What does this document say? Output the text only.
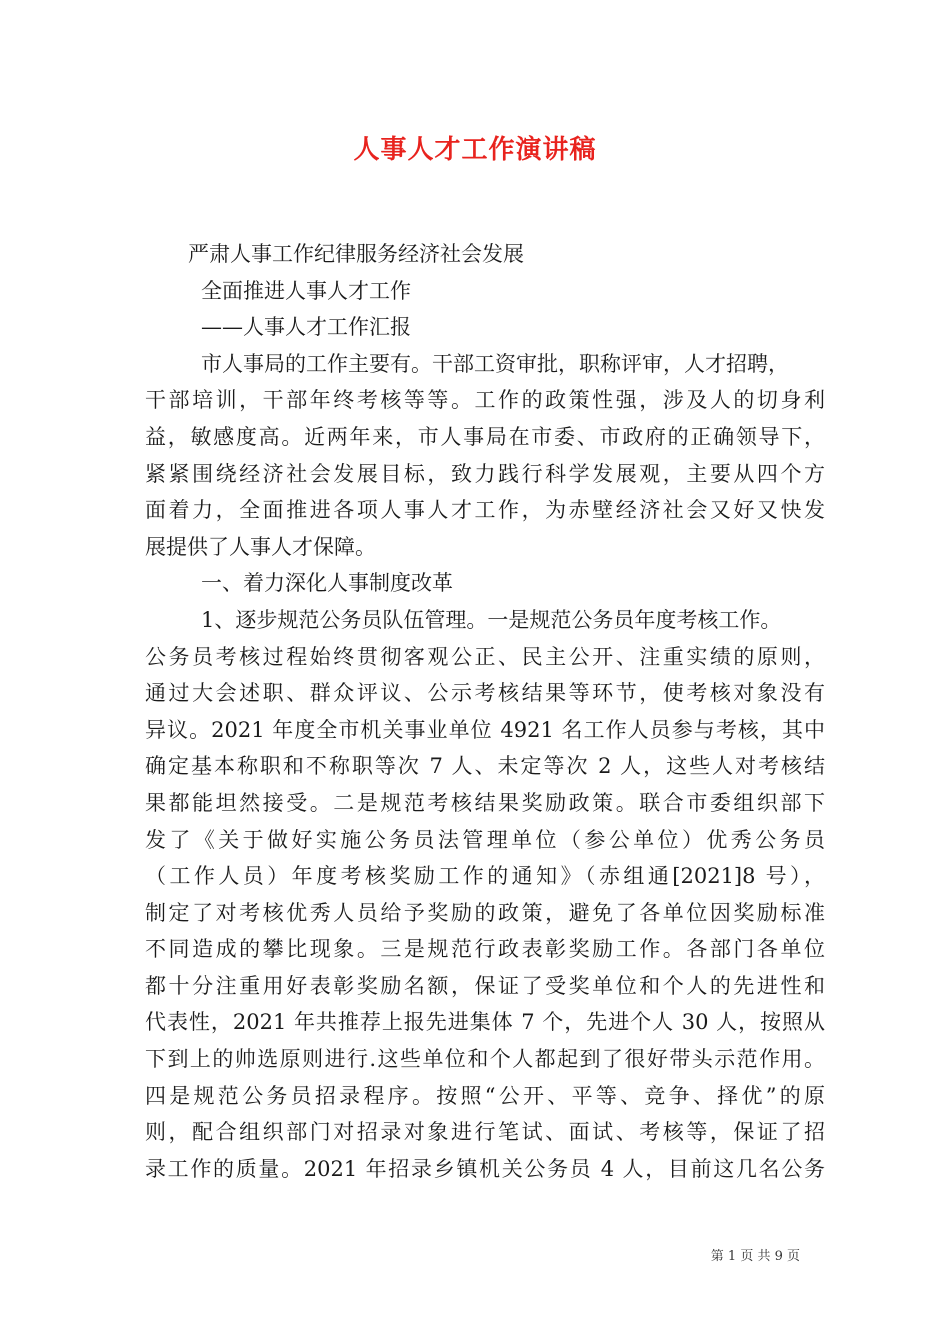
人事人才工作演讲稿

严肃人事工作纪律服务经济社会发展

全面推进人事人才工作

——人事人才工作汇报

市人事局的工作主要有。干部工资审批，职称评审，人才招聘，

干部培训，干部年终考核等等。工作的政策性强，涉及人的切身利

益，敏感度高。近两年来，市人事局在市委、市政府的正确领导下，

紧紧围绕经济社会发展目标，致力践行科学发展观，主要从四个方

面着力，全面推进各项人事人才工作，为赤壁经济社会又好又快发

展提供了人事人才保障。

一、着力深化人事制度改革

1、逐步规范公务员队伍管理。一是规范公务员年度考核工作。

公务员考核过程始终贯彻客观公正、民主公开、注重实绩的原则，

通过大会述职、群众评议、公示考核结果等环节，使考核对象没有

异议。2021 年度全市机关事业单位 4921 名工作人员参与考核，其中

确定基本称职和不称职等次 7 人、未定等次 2 人，这些人对考核结

果都能坦然接受。二是规范考核结果奖励政策。联合市委组织部下

发了《关于做好实施公务员法管理单位（参公单位）优秀公务员

（工作人员）年度考核奖励工作的通知》（赤组通[2021]8 号），

制定了对考核优秀人员给予奖励的政策，避免了各单位因奖励标准

不同造成的攀比现象。三是规范行政表彰奖励工作。各部门各单位

都十分注重用好表彰奖励名额，保证了受奖单位和个人的先进性和

代表性，2021 年共推荐上报先进集体 7 个，先进个人 30 人，按照从

下到上的帅选原则进行.这些单位和个人都起到了很好带头示范作用。

四是规范公务员招录程序。按照“公开、平等、竞争、择优”的原

则，配合组织部门对招录对象进行笔试、面试、考核等，保证了招

录工作的质量。2021 年招录乡镇机关公务员 4 人，目前这几名公务

第 1 页 共 9 页
